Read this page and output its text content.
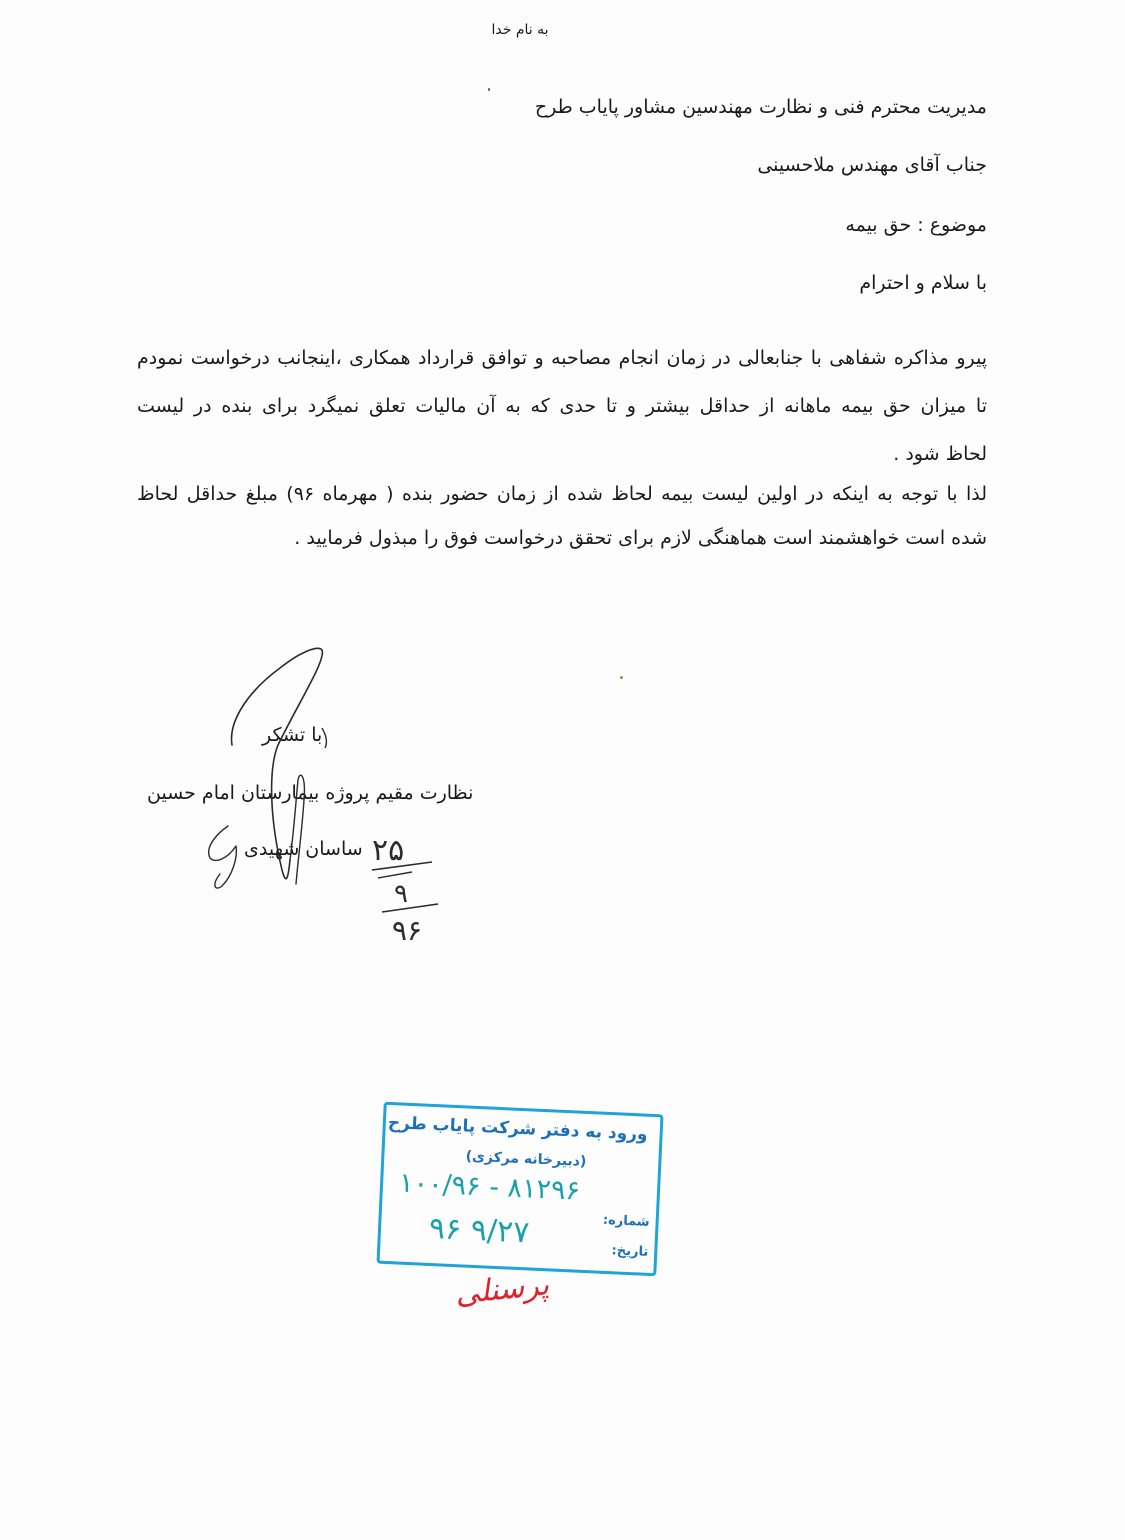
به نام خدا
مدیریت محترم فنی و نظارت مهندسین مشاور پایاب طرح
جناب آقای مهندس ملاحسینی
موضوع : حق بیمه
با سلام و احترام
پیرو مذاکره شفاهی با جنابعالی در زمان انجام مصاحبه و توافق قرارداد همکاری ،اینجانب درخواست نمودم
تا میزان حق بیمه ماهانه از حداقل بیشتر و تا حدی که به آن مالیات تعلق نمیگرد برای بنده در لیست
لحاظ شود .
لذا با توجه به اینکه در اولین لیست بیمه لحاظ شده از زمان حضور بنده ( مهرماه ۹۶) مبلغ حداقل لحاظ
شده است خواهشمند است هماهنگی لازم برای تحقق درخواست فوق را مبذول فرمایید .
با تشکر
نظارت مقیم پروژه بیمارستان امام حسین
ساسان شهیدی ۲۵
۹
۹۶
ورود به دفتر شرکت پایاب طرح
(دبیرخانه مرکزی)
شماره:
تاریخ:
۱۰۰/۹۶ - ۸۱۲۹۶
۹۶ ۹/۲۷
پرسنلی
